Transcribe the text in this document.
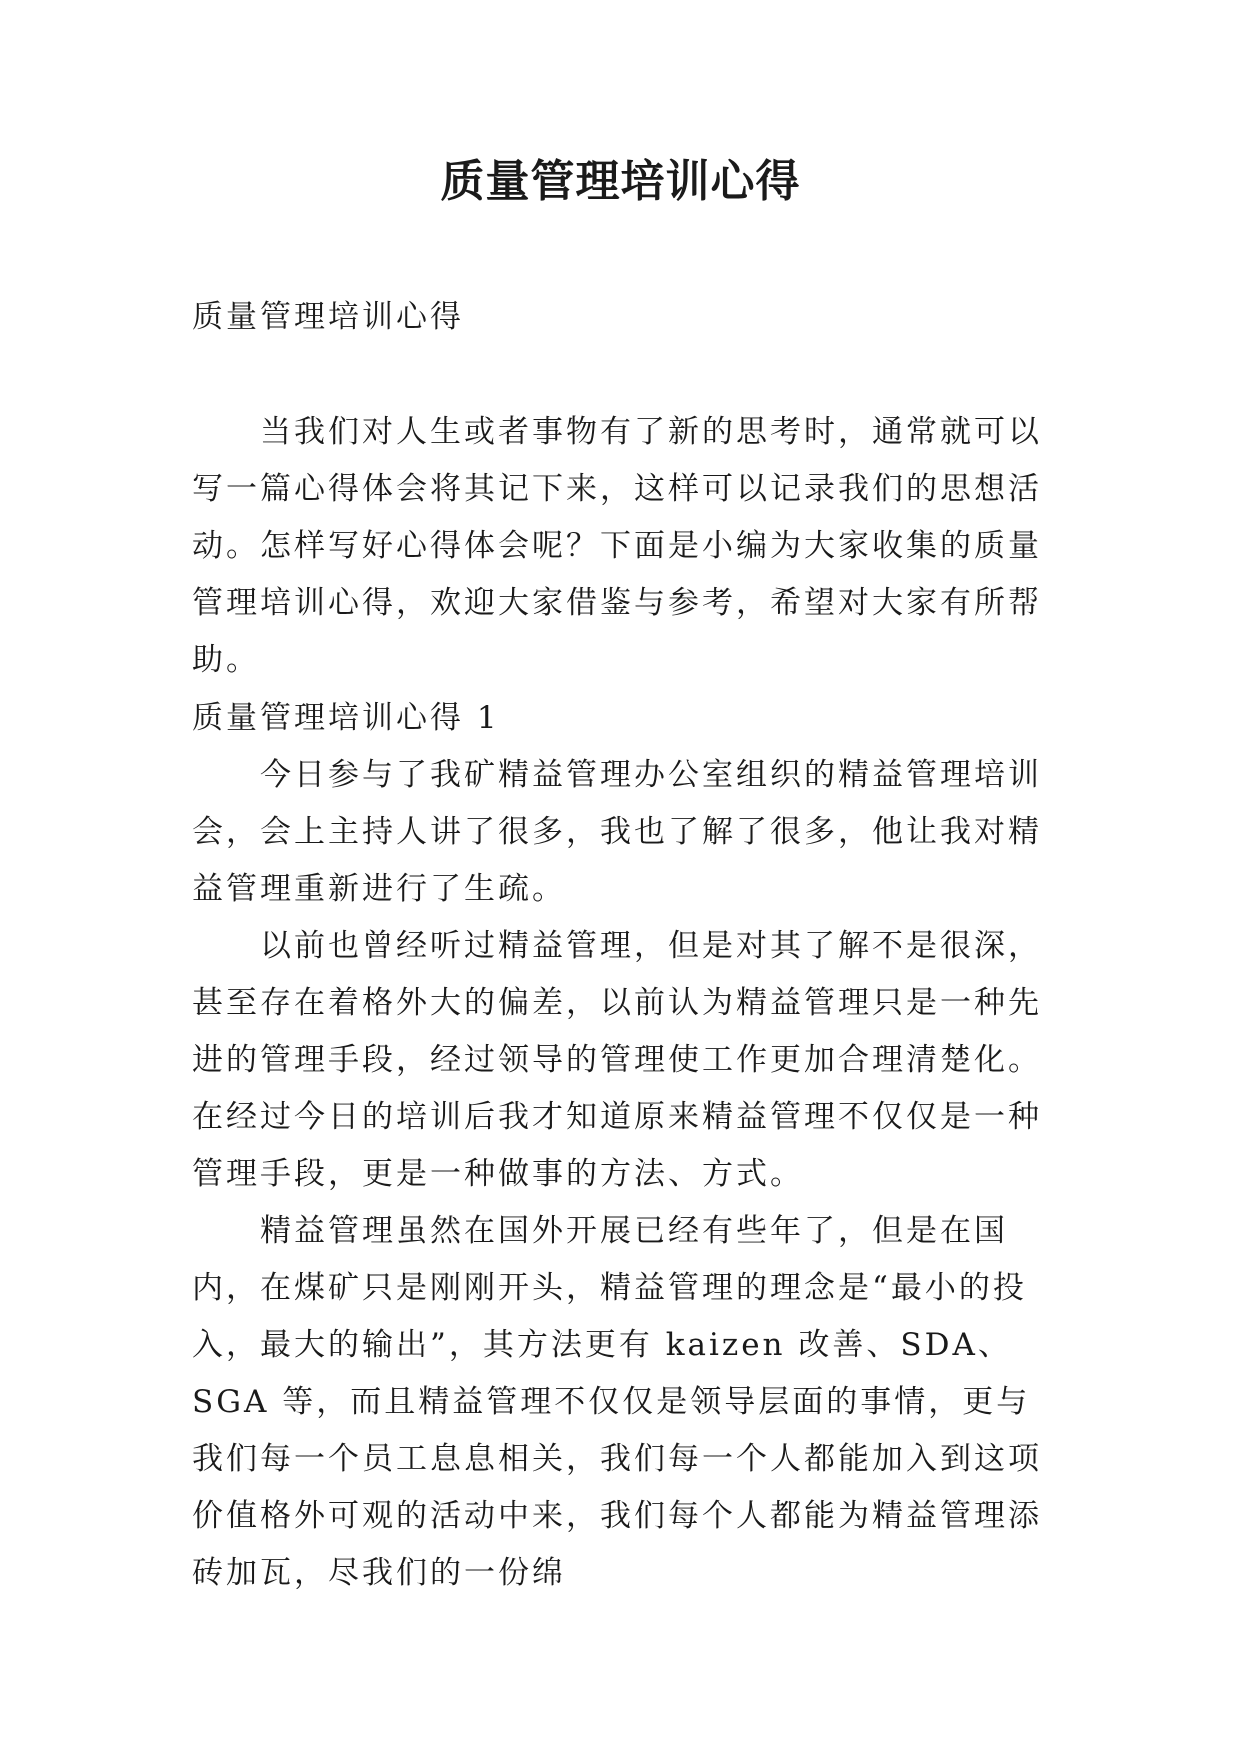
质量管理培训心得

质量管理培训心得

当我们对人生或者事物有了新的思考时，通常就可以写一篇心得体会将其记下来，这样可以记录我们的思想活动。怎样写好心得体会呢？下面是小编为大家收集的质量管理培训心得，欢迎大家借鉴与参考，希望对大家有所帮助。

质量管理培训心得 1

今日参与了我矿精益管理办公室组织的精益管理培训会，会上主持人讲了很多，我也了解了很多，他让我对精益管理重新进行了生疏。

以前也曾经听过精益管理，但是对其了解不是很深，甚至存在着格外大的偏差，以前认为精益管理只是一种先进的管理手段，经过领导的管理使工作更加合理清楚化。在经过今日的培训后我才知道原来精益管理不仅仅是一种管理手段，更是一种做事的方法、方式。

精益管理虽然在国外开展已经有些年了，但是在国内，在煤矿只是刚刚开头，精益管理的理念是“最小的投入，最大的输出”，其方法更有 kaizen 改善、SDA、SGA 等，而且精益管理不仅仅是领导层面的事情，更与我们每一个员工息息相关，我们每一个人都能加入到这项价值格外可观的活动中来，我们每个人都能为精益管理添砖加瓦，尽我们的一份绵
